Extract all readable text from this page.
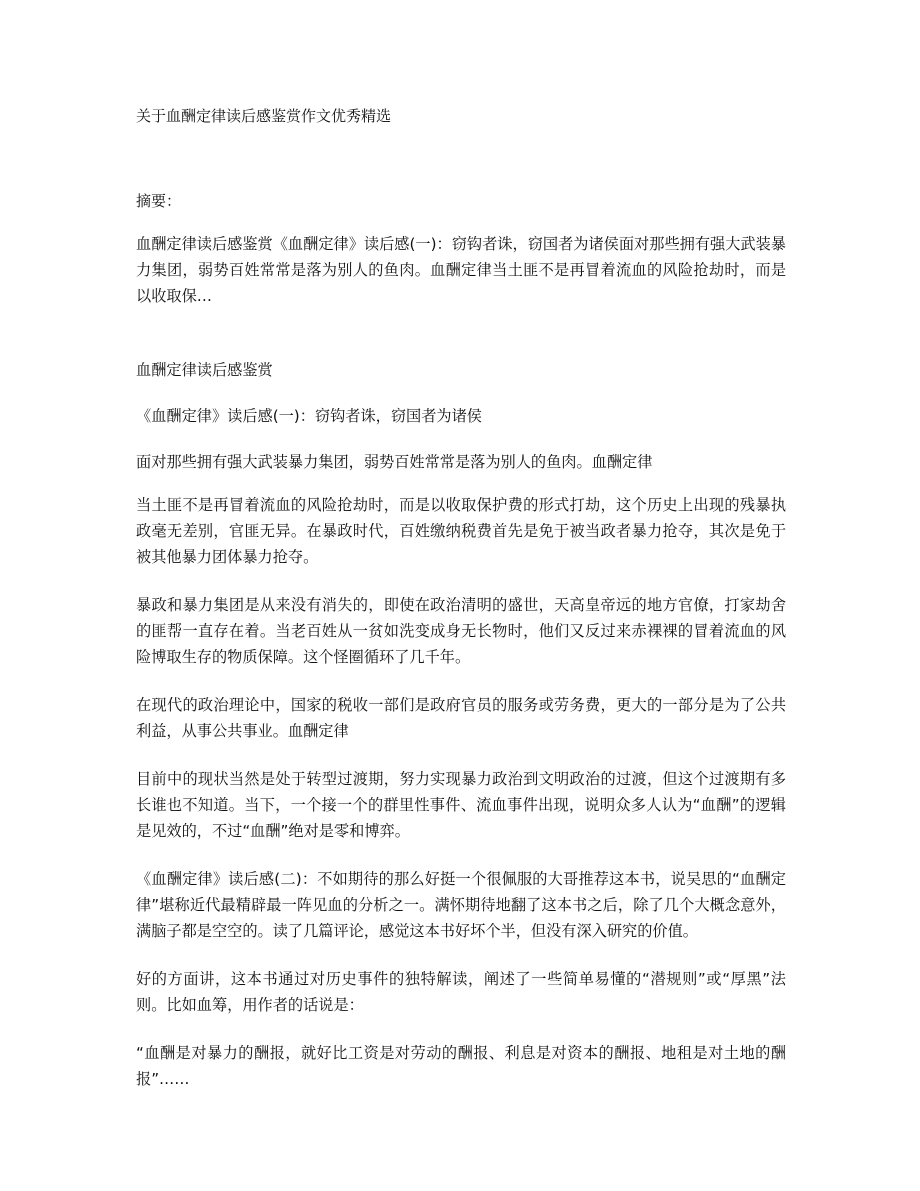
关于血酬定律读后感鉴赏作文优秀精选
摘要：

血酬定律读后感鉴赏《血酬定律》读后感(一)：窃钩者诛，窃国者为诸侯面对那些拥有强大武装暴力集团，弱势百姓常常是落为别人的鱼肉。血酬定律当土匪不是再冒着流血的风险抢劫时，而是以收取保…

血酬定律读后感鉴赏

《血酬定律》读后感(一)：窃钩者诛，窃国者为诸侯

面对那些拥有强大武装暴力集团，弱势百姓常常是落为别人的鱼肉。血酬定律

当土匪不是再冒着流血的风险抢劫时，而是以收取保护费的形式打劫，这个历史上出现的残暴执政毫无差别，官匪无异。在暴政时代，百姓缴纳税费首先是免于被当政者暴力抢夺，其次是免于被其他暴力团体暴力抢夺。

暴政和暴力集团是从来没有消失的，即使在政治清明的盛世，天高皇帝远的地方官僚，打家劫舍的匪帮一直存在着。当老百姓从一贫如洗变成身无长物时，他们又反过来赤裸裸的冒着流血的风险博取生存的物质保障。这个怪圈循环了几千年。

在现代的政治理论中，国家的税收一部们是政府官员的服务或劳务费，更大的一部分是为了公共利益，从事公共事业。血酬定律

目前中的现状当然是处于转型过渡期，努力实现暴力政治到文明政治的过渡，但这个过渡期有多长谁也不知道。当下，一个接一个的群里性事件、流血事件出现，说明众多人认为“血酬”的逻辑是见效的，不过“血酬”绝对是零和博弈。

《血酬定律》读后感(二)：不如期待的那么好挺一个很佩服的大哥推荐这本书，说吴思的“血酬定律”堪称近代最精辟最一阵见血的分析之一。满怀期待地翻了这本书之后，除了几个大概念意外，满脑子都是空空的。读了几篇评论，感觉这本书好坏个半，但没有深入研究的价值。

好的方面讲，这本书通过对历史事件的独特解读，阐述了一些简单易懂的“潜规则”或“厚黑”法则。比如血筹，用作者的话说是：

“血酬是对暴力的酬报，就好比工资是对劳动的酬报、利息是对资本的酬报、地租是对土地的酬报”……
